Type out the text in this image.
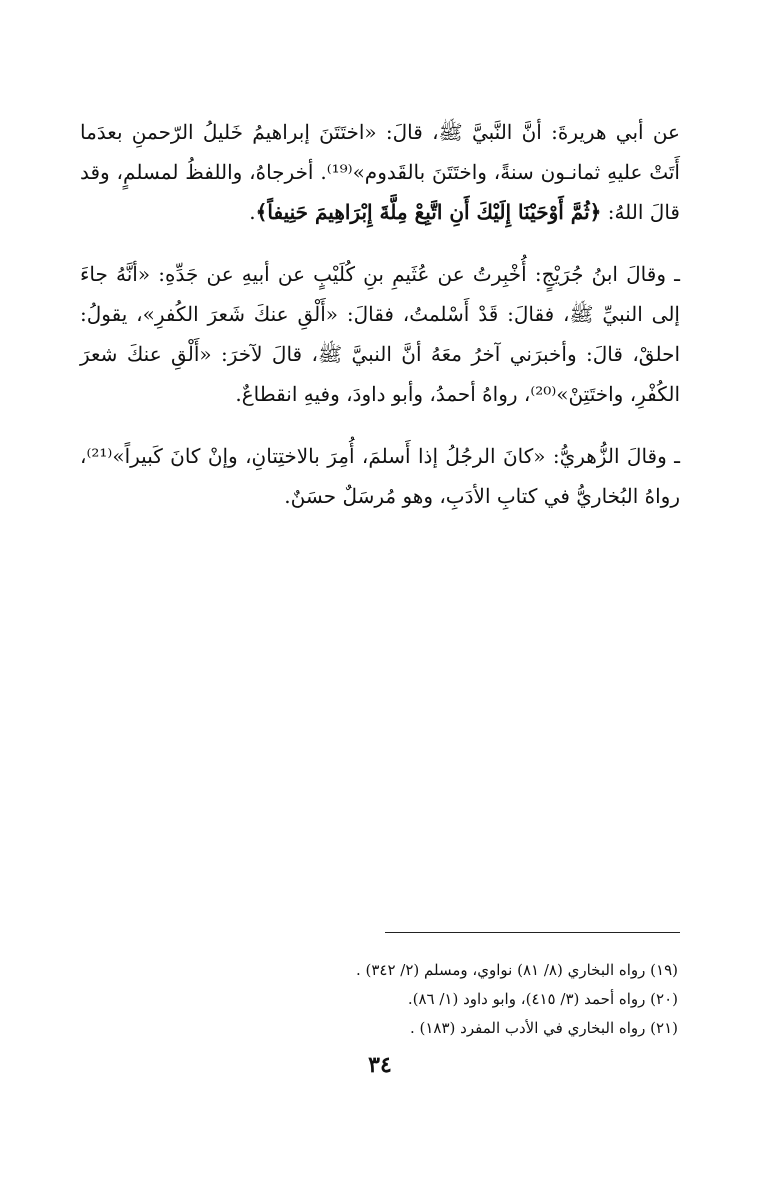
عن أبي هريرةَ: أنَّ النَّبيَّ ﷺ، قالَ: «اختَتَنَ إبراهيمُ خَليلُ الرّحمنِ بعدَما أَتَتْ عليهِ ثمانـون سنةً، واختَتَنَ بالقَدوم»⁽¹⁹⁾. أخرجاهُ، واللفظُ لمسلمٍ، وقد قالَ اللهُ: ﴿ثُمَّ أَوْحَيْنَا إِلَيْكَ أَنِ اتَّبِعْ مِلَّةَ إِبْرَاهِيمَ حَنِيفاً﴾.

ـ وقالَ ابنُ جُرَيْجٍ: أُخْبِرتُ عن عُثَيمِ بنِ كُلَيْبٍ عن أبيهِ عن جَدِّهِ: «أنَّهُ جاءَ إلى النبيِّ ﷺ، فقالَ: قَدْ أَسْلمتُ، فقالَ: «أَلْقِ عنكَ شَعرَ الكُفرِ»، يقولُ: احلقْ، قالَ: وأخبرَني آخرُ معَهُ أنَّ النبيَّ ﷺ، قالَ لآخرَ: «أَلْقِ عنكَ شعرَ الكُفْرِ، واختَتِنْ»⁽²⁰⁾، رواهُ أحمدُ، وأبو داودَ، وفيهِ انقطاعٌ.

ـ وقالَ الزُّهريُّ: «كانَ الرجُلُ إذا أَسلمَ، أُمِرَ بالاختِتانِ، وإنْ كانَ كَبيراً»⁽²¹⁾، رواهُ البُخاريُّ في كتابِ الأدَبِ، وهو مُرسَلٌ حسَنٌ.

(١٩) رواه البخاري (٨/ ٨١) نواوي، ومسلم (٢/ ٣٤٢) .

(٢٠) رواه أحمد (٣/ ٤١٥)، وابو داود (١/ ٨٦).

(٢١) رواه البخاري في الأدب المفرد (١٨٣) .

٣٤
